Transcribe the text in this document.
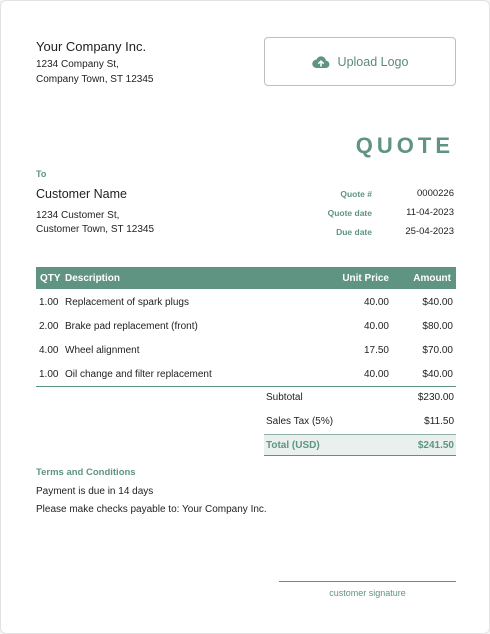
Your Company Inc.
1234 Company St,
Company Town, ST 12345
Upload Logo
QUOTE
To
Customer Name
1234 Customer St,
Customer Town, ST 12345
Quote #	0000226
Quote date	11-04-2023
Due date	25-04-2023
QTY Description	Unit Price Amount
1.00 Replacement of spark plugs	40.00	$40.00
2.00 Brake pad replacement (front)	40.00	$80.00
4.00 Wheel alignment	17.50	$70.00
1.00 Oil change and filter replacement	40.00	$40.00
Subtotal	$230.00
Sales Tax (5%)	$11.50
Total (USD)	$241.50
Terms and Conditions
Payment is due in 14 days
Please make checks payable to: Your Company Inc.
customer signature
